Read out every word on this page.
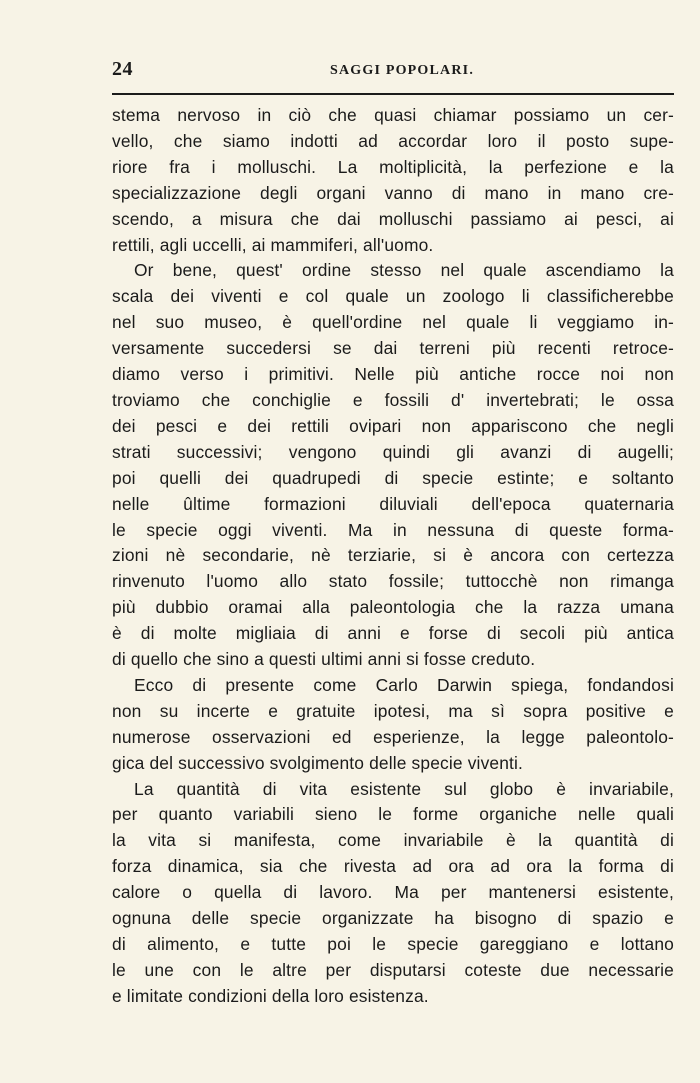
24	SAGGI POPOLARI.

stema nervoso in ciò che quasi chiamar possiamo un cer-
vello, che siamo indotti ad accordar loro il posto supe-
riore fra i molluschi. La moltiplicità, la perfezione e la
specializzazione degli organi vanno di mano in mano cre-
scendo, a misura che dai molluschi passiamo ai pesci, ai
rettili, agli uccelli, ai mammiferi, all'uomo.

Or bene, quest' ordine stesso nel quale ascendiamo la
scala dei viventi e col quale un zoologo li classificherebbe
nel suo museo, è quell'ordine nel quale li veggiamo in-
versamente succedersi se dai terreni più recenti retroce-
diamo verso i primitivi. Nelle più antiche rocce noi non
troviamo che conchiglie e fossili d' invertebrati; le ossa
dei pesci e dei rettili ovipari non appariscono che negli
strati successivi; vengono quindi gli avanzi di augelli;
poi quelli dei quadrupedi di specie estinte; e soltanto
nelle ûltime formazioni diluviali dell'epoca quaternaria
le specie oggi viventi. Ma in nessuna di queste forma-
zioni nè secondarie, nè terziarie, si è ancora con certezza
rinvenuto l'uomo allo stato fossile; tuttocchè non rimanga
più dubbio oramai alla paleontologia che la razza umana
è di molte migliaia di anni e forse di secoli più antica
di quello che sino a questi ultimi anni si fosse creduto.

Ecco di presente come Carlo Darwin spiega, fondandosi
non su incerte e gratuite ipotesi, ma sì sopra positive e
numerose osservazioni ed esperienze, la legge paleontolo-
gica del successivo svolgimento delle specie viventi.

La quantità di vita esistente sul globo è invariabile,
per quanto variabili sieno le forme organiche nelle quali
la vita si manifesta, come invariabile è la quantità di
forza dinamica, sia che rivesta ad ora ad ora la forma di
calore o quella di lavoro. Ma per mantenersi esistente,
ognuna delle specie organizzate ha bisogno di spazio e
di alimento, e tutte poi le specie gareggiano e lottano
le une con le altre per disputarsi coteste due necessarie
e limitate condizioni della loro esistenza.
